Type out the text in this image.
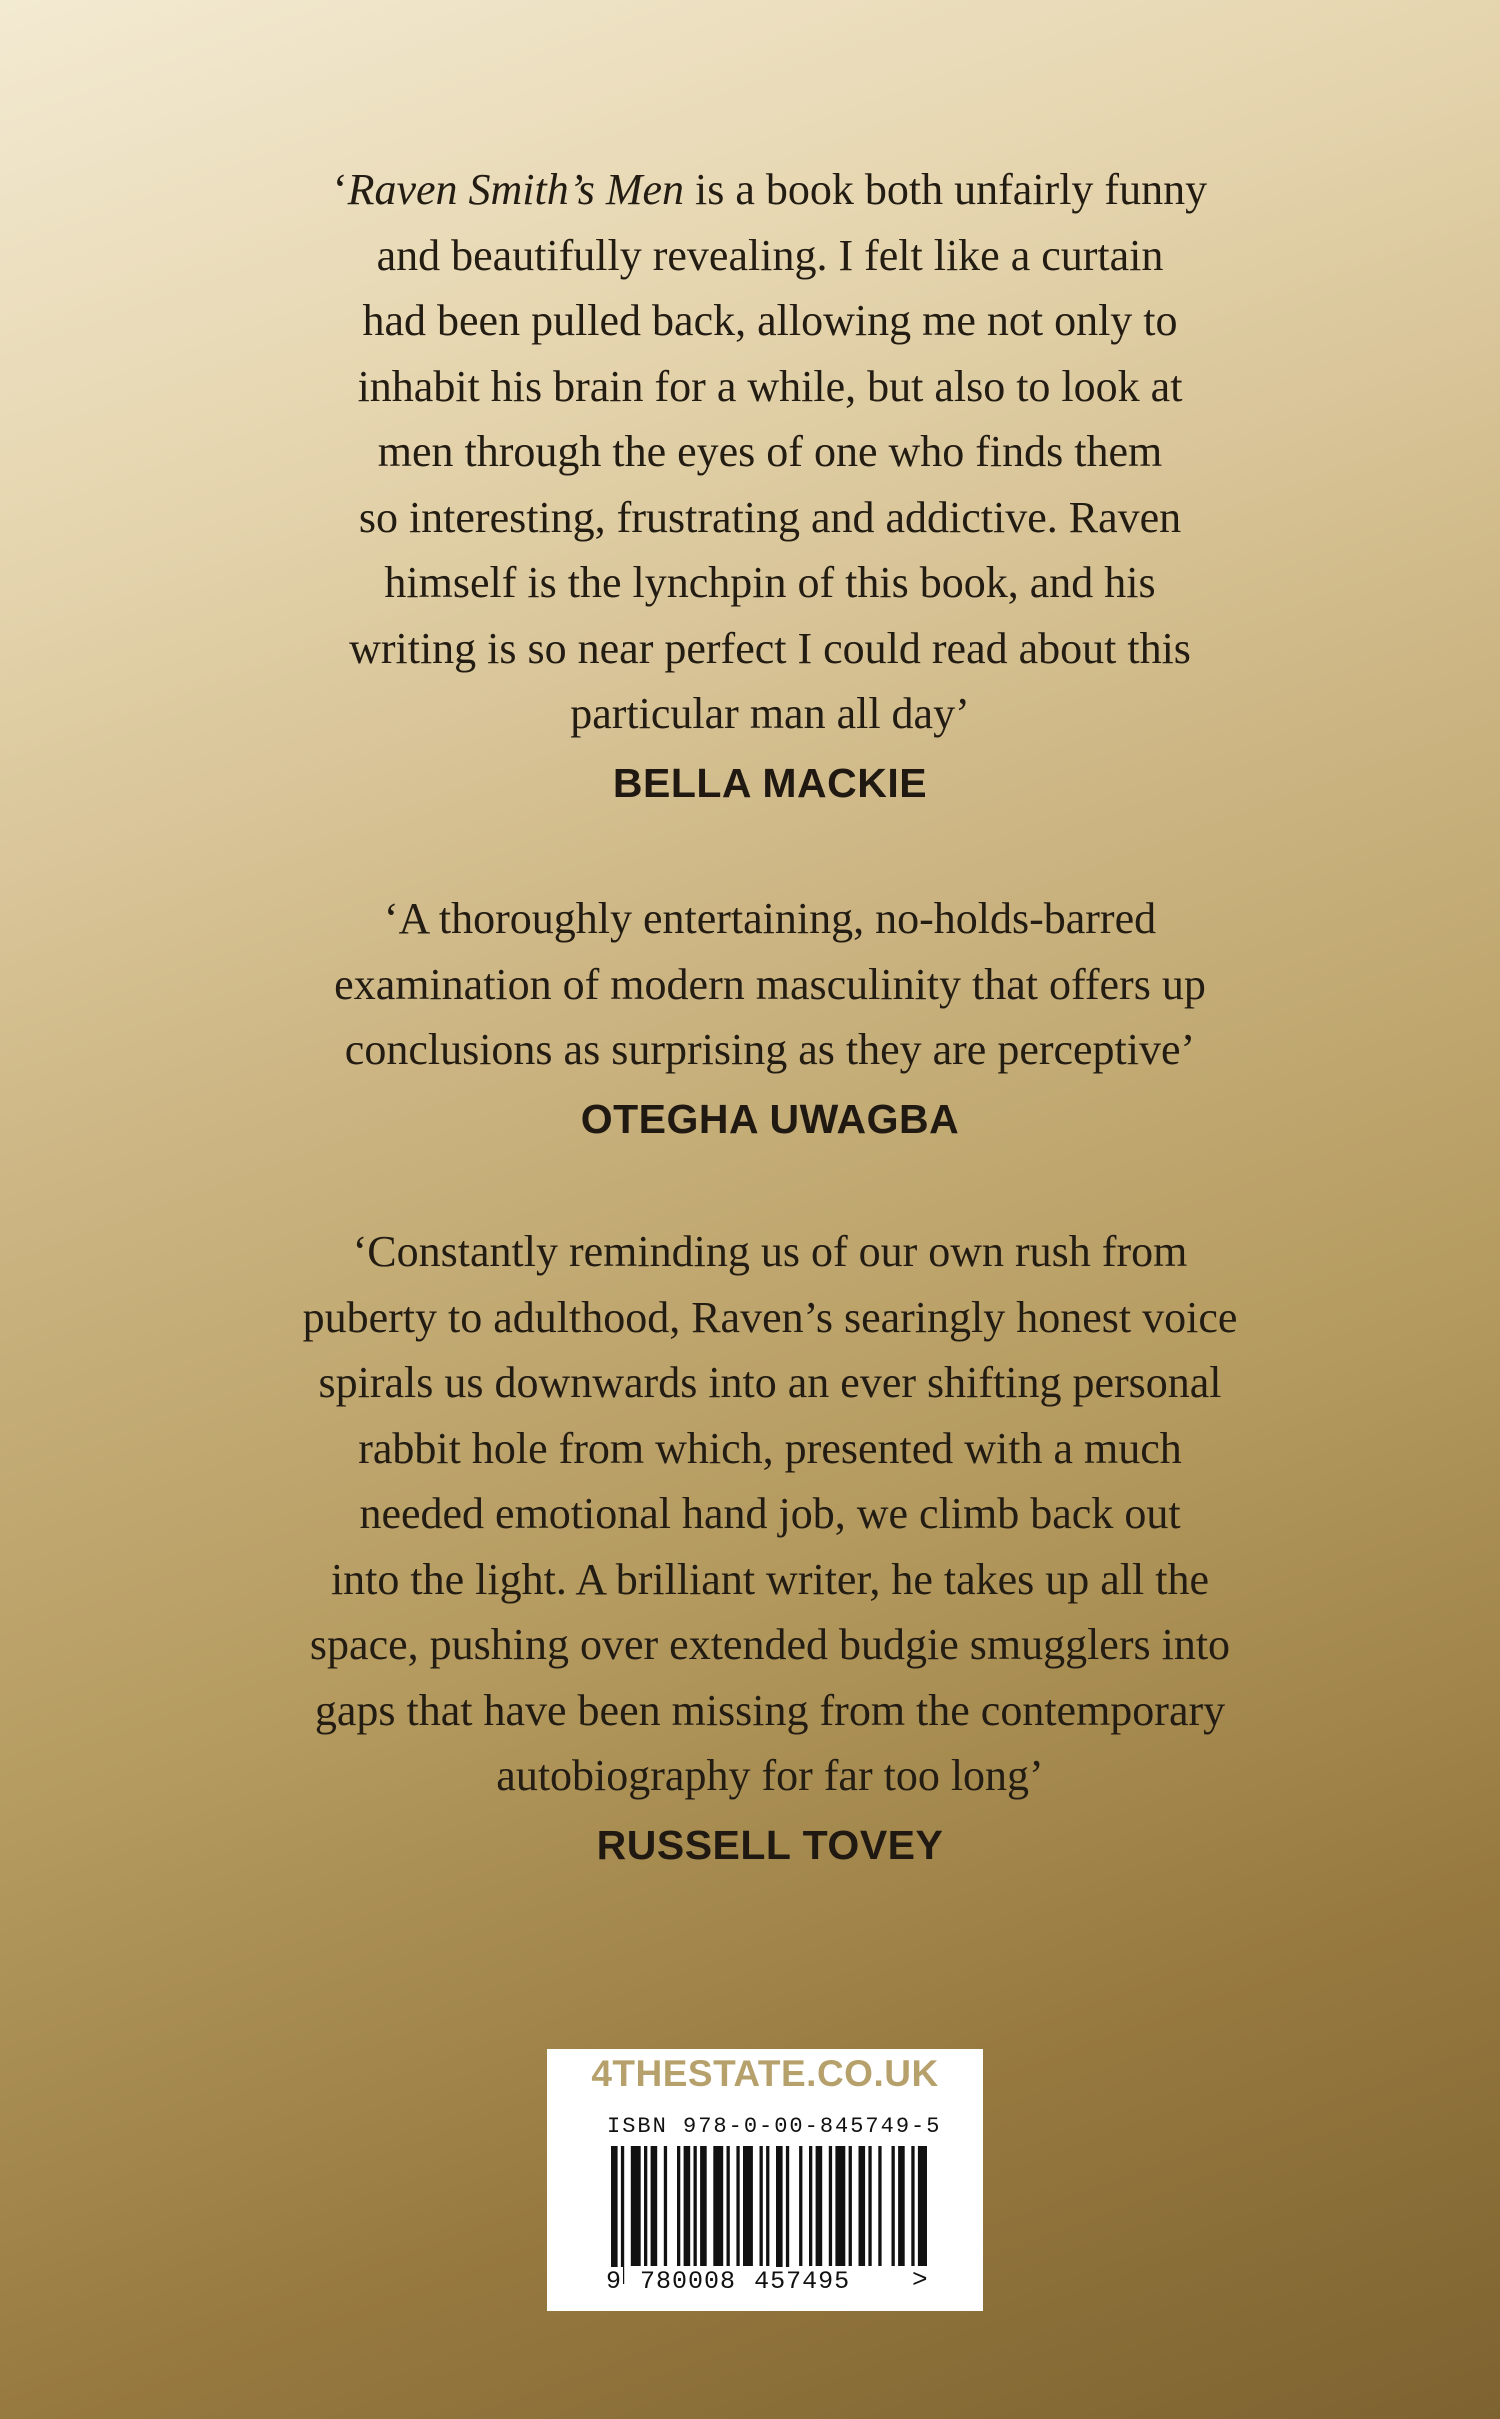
‘Raven Smith’s Men is a book both unfairly funny
and beautifully revealing. I felt like a curtain
had been pulled back, allowing me not only to
inhabit his brain for a while, but also to look at
men through the eyes of one who finds them
so interesting, frustrating and addictive. Raven
himself is the lynchpin of this book, and his
writing is so near perfect I could read about this
particular man all day’
BELLA MACKIE
‘A thoroughly entertaining, no-holds-barred
examination of modern masculinity that offers up
conclusions as surprising as they are perceptive’
OTEGHA UWAGBA
‘Constantly reminding us of our own rush from
puberty to adulthood, Raven’s searingly honest voice
spirals us downwards into an ever shifting personal
rabbit hole from which, presented with a much
needed emotional hand job, we climb back out
into the light. A brilliant writer, he takes up all the
space, pushing over extended budgie smugglers into
gaps that have been missing from the contemporary
autobiography for far too long’
RUSSELL TOVEY
4THESTATE.CO.UK
ISBN 978-0-00-845749-5
9 780008 457495 >
